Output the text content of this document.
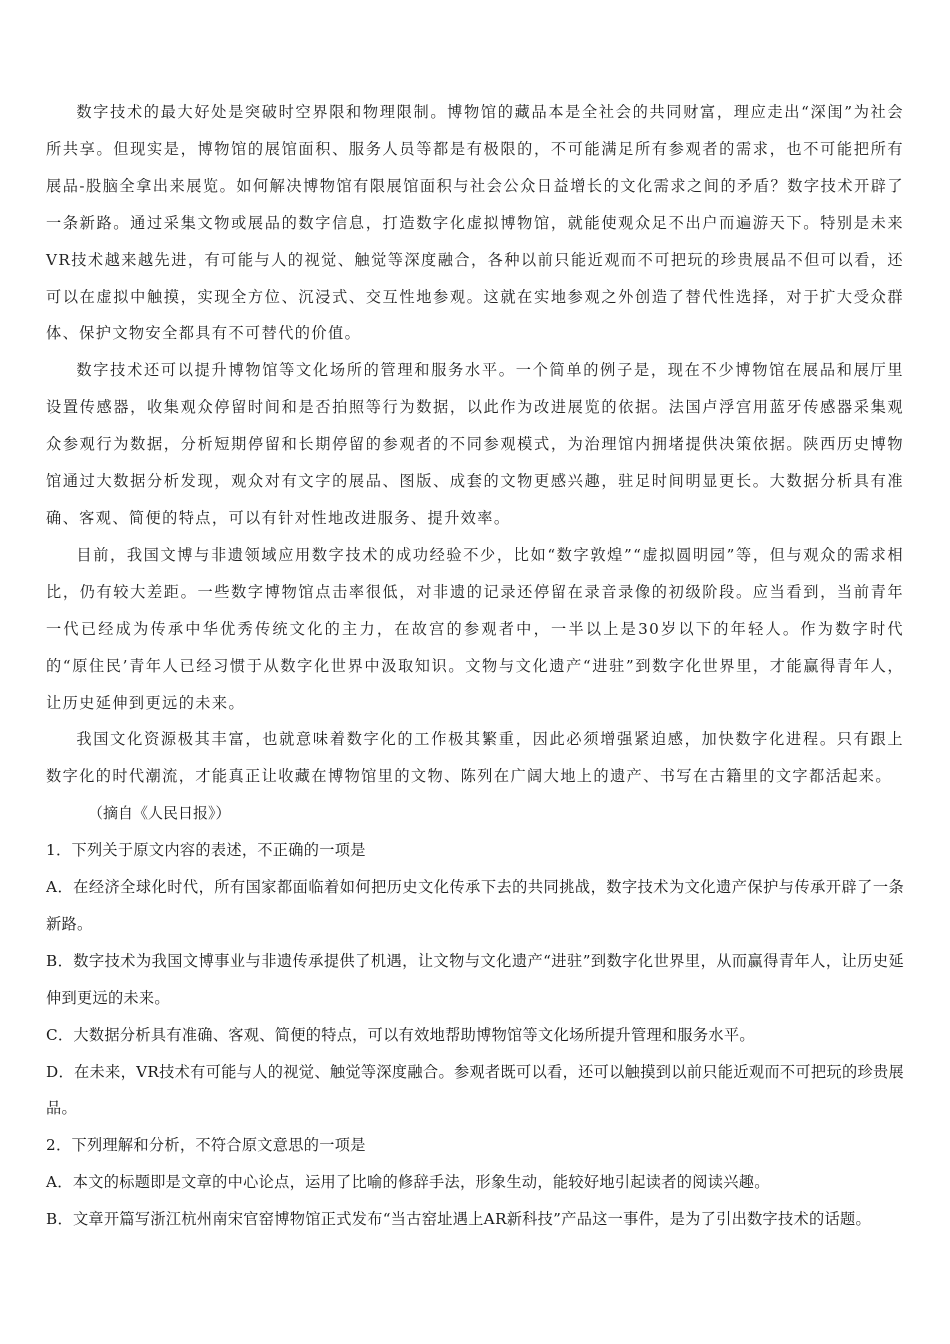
数字技术的最大好处是突破时空界限和物理限制。博物馆的藏品本是全社会的共同财富，理应走出“深闺”为社会所共享。但现实是，博物馆的展馆面积、服务人员等都是有极限的，不可能满足所有参观者的需求，也不可能把所有展品-股脑全拿出来展览。如何解决博物馆有限展馆面积与社会公众日益增长的文化需求之间的矛盾？数字技术开辟了一条新路。通过采集文物或展品的数字信息，打造数字化虚拟博物馆，就能使观众足不出户而遍游天下。特别是未来VR技术越来越先进，有可能与人的视觉、触觉等深度融合，各种以前只能近观而不可把玩的珍贵展品不但可以看，还可以在虚拟中触摸，实现全方位、沉浸式、交互性地参观。这就在实地参观之外创造了替代性选择，对于扩大受众群体、保护文物安全都具有不可替代的价值。

数字技术还可以提升博物馆等文化场所的管理和服务水平。一个简单的例子是，现在不少博物馆在展品和展厅里设置传感器，收集观众停留时间和是否拍照等行为数据，以此作为改进展览的依据。法国卢浮宫用蓝牙传感器采集观众参观行为数据，分析短期停留和长期停留的参观者的不同参观模式，为治理馆内拥堵提供决策依据。陕西历史博物馆通过大数据分析发现，观众对有文字的展品、图版、成套的文物更感兴趣，驻足时间明显更长。大数据分析具有准确、客观、简便的特点，可以有针对性地改进服务、提升效率。

目前，我国文博与非遗领域应用数字技术的成功经验不少，比如“数字敦煌”“虚拟圆明园”等，但与观众的需求相比，仍有较大差距。一些数字博物馆点击率很低，对非遗的记录还停留在录音录像的初级阶段。应当看到，当前青年一代已经成为传承中华优秀传统文化的主力，在故宫的参观者中，一半以上是30岁以下的年轻人。作为数字时代的“原住民’青年人已经习惯于从数字化世界中汲取知识。文物与文化遗产“进驻”到数字化世界里，才能赢得青年人，让历史延伸到更远的未来。

我国文化资源极其丰富，也就意味着数字化的工作极其繁重，因此必须增强紧迫感，加快数字化进程。只有跟上数字化的时代潮流，才能真正让收藏在博物馆里的文物、陈列在广阔大地上的遗产、书写在古籍里的文字都活起来。

（摘自《人民日报》）

1．下列关于原文内容的表述，不正确的一项是

A．在经济全球化时代，所有国家都面临着如何把历史文化传承下去的共同挑战，数字技术为文化遗产保护与传承开辟了一条新路。

B．数字技术为我国文博事业与非遗传承提供了机遇，让文物与文化遗产“进驻”到数字化世界里，从而赢得青年人，让历史延伸到更远的未来。

C．大数据分析具有准确、客观、简便的特点，可以有效地帮助博物馆等文化场所提升管理和服务水平。

D．在未来，VR技术有可能与人的视觉、触觉等深度融合。参观者既可以看，还可以触摸到以前只能近观而不可把玩的珍贵展品。

2．下列理解和分析，不符合原文意思的一项是

A．本文的标题即是文章的中心论点，运用了比喻的修辞手法，形象生动，能较好地引起读者的阅读兴趣。

B．文章开篇写浙江杭州南宋官窑博物馆正式发布“当古窑址遇上AR新科技”产品这一事件，是为了引出数字技术的话题。
